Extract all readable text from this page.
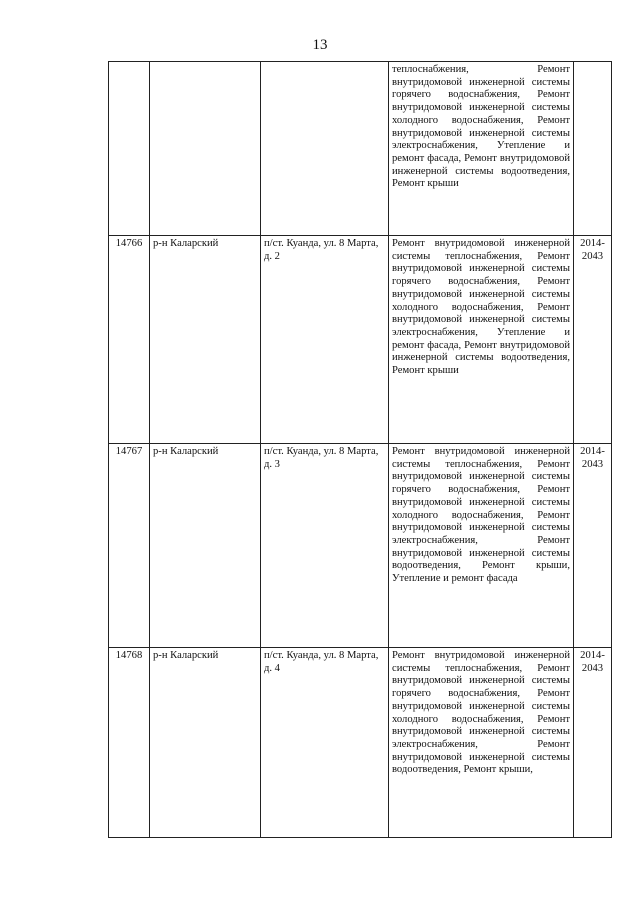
13

			теплоснабжения, Ремонт внутридомовой инженерной системы горячего водоснабжения, Ремонт внутридомовой инженерной системы холодного водоснабжения, Ремонт внутридомовой инженерной системы электроснабжения, Утепление и ремонт фасада, Ремонт внутридомовой инженерной системы водоотведения, Ремонт крыши	

14766	р-н Каларский	п/ст. Куанда, ул. 8 Марта, д. 2	Ремонт внутридомовой инженерной системы теплоснабжения, Ремонт внутридомовой инженерной системы горячего водоснабжения, Ремонт внутридомовой инженерной системы холодного водоснабжения, Ремонт внутридомовой инженерной системы электроснабжения, Утепление и ремонт фасада, Ремонт внутридомовой инженерной системы водоотведения, Ремонт крыши	2014-2043
14767	р-н Каларский	п/ст. Куанда, ул. 8 Марта, д. 3	Ремонт внутридомовой инженерной системы теплоснабжения, Ремонт внутридомовой инженерной системы горячего водоснабжения, Ремонт внутридомовой инженерной системы холодного водоснабжения, Ремонт внутридомовой инженерной системы электроснабжения, Ремонт внутридомовой инженерной системы водоотведения, Ремонт крыши, Утепление и ремонт фасада	2014-2043
14768	р-н Каларский	п/ст. Куанда, ул. 8 Марта, д. 4	Ремонт внутридомовой инженерной системы теплоснабжения, Ремонт внутридомовой инженерной системы горячего водоснабжения, Ремонт внутридомовой инженерной системы холодного водоснабжения, Ремонт внутридомовой инженерной системы электроснабжения, Ремонт внутридомовой инженерной системы водоотведения, Ремонт крыши,	2014-2043
